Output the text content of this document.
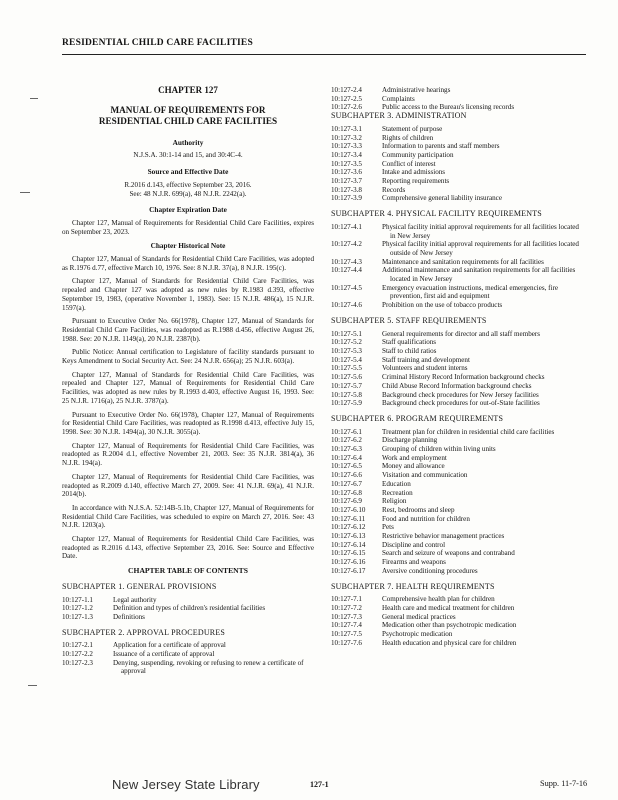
RESIDENTIAL CHILD CARE FACILITIES
CHAPTER 127
MANUAL OF REQUIREMENTS FOR
RESIDENTIAL CHILD CARE FACILITIES
Authority
N.J.S.A. 30:1-14 and 15, and 30:4C-4.
Source and Effective Date
R.2016 d.143, effective September 23, 2016.
See: 48 N.J.R. 699(a), 48 N.J.R. 2242(a).
Chapter Expiration Date

Chapter 127, Manual of Requirements for Residential Child Care Facilities, expires on September 23, 2023.

Chapter Historical Note

Chapter 127, Manual of Standards for Residential Child Care Facilities, was adopted as R.1976 d.77, effective March 10, 1976. See: 8 N.J.R. 37(a), 8 N.J.R. 195(c).

Chapter 127, Manual of Standards for Residential Child Care Facilities, was repealed and Chapter 127 was adopted as new rules by R.1983 d.393, effective September 19, 1983, (operative November 1, 1983). See: 15 N.J.R. 486(a), 15 N.J.R. 1597(a).

Pursuant to Executive Order No. 66(1978), Chapter 127, Manual of Standards for Residential Child Care Facilities, was readopted as R.1988 d.456, effective August 26, 1988. See: 20 N.J.R. 1149(a), 20 N.J.R. 2387(b).

Public Notice: Annual certification to Legislature of facility standards pursuant to Keys Amendment to Social Security Act. See: 24 N.J.R. 656(a); 25 N.J.R. 603(a).

Chapter 127, Manual of Standards for Residential Child Care Facilities, was repealed and Chapter 127, Manual of Requirements for Residential Child Care Facilities, was adopted as new rules by R.1993 d.403, effective August 16, 1993. See: 25 N.J.R. 1716(a), 25 N.J.R. 3787(a).

Pursuant to Executive Order No. 66(1978), Chapter 127, Manual of Requirements for Residential Child Care Facilities, was readopted as R.1998 d.413, effective July 15, 1998. See: 30 N.J.R. 1494(a), 30 N.J.R. 3055(a).

Chapter 127, Manual of Requirements for Residential Child Care Facilities, was readopted as R.2004 d.1, effective November 21, 2003. See: 35 N.J.R. 3814(a), 36 N.J.R. 194(a).

Chapter 127, Manual of Requirements for Residential Child Care Facilities, was readopted as R.2009 d.140, effective March 27, 2009. See: 41 N.J.R. 69(a), 41 N.J.R. 2014(b).

In accordance with N.J.S.A. 52:14B-5.1b, Chapter 127, Manual of Requirements for Residential Child Care Facilities, was scheduled to expire on March 27, 2016. See: 43 N.J.R. 1203(a).

Chapter 127, Manual of Requirements for Residential Child Care Facilities, was readopted as R.2016 d.143, effective September 23, 2016. See: Source and Effective Date.

CHAPTER TABLE OF CONTENTS
SUBCHAPTER 1. GENERAL PROVISIONS
10:127-1.1	Legal authority
10:127-1.2	Definition and types of children's residential facilities
10:127-1.3	Definitions
SUBCHAPTER 2. APPROVAL PROCEDURES
10:127-2.1	Application for a certificate of approval
10:127-2.2	Issuance of a certificate of approval
10:127-2.3	Denying, suspending, revoking or refusing to renew a certificate of approval
10:127-2.4	Administrative hearings
10:127-2.5	Complaints
10:127-2.6	Public access to the Bureau's licensing records
SUBCHAPTER 3. ADMINISTRATION
10:127-3.1	Statement of purpose
10:127-3.2	Rights of children
10:127-3.3	Information to parents and staff members
10:127-3.4	Community participation
10:127-3.5	Conflict of interest
10:127-3.6	Intake and admissions
10:127-3.7	Reporting requirements
10:127-3.8	Records
10:127-3.9	Comprehensive general liability insurance
SUBCHAPTER 4. PHYSICAL FACILITY REQUIREMENTS
10:127-4.1	Physical facility initial approval requirements for all facilities located in New Jersey
10:127-4.2	Physical facility initial approval requirements for all facilities located outside of New Jersey
10:127-4.3	Maintenance and sanitation requirements for all facilities
10:127-4.4	Additional maintenance and sanitation requirements for all facilities located in New Jersey
10:127-4.5	Emergency evacuation instructions, medical emergencies, fire prevention, first aid and equipment
10:127-4.6	Prohibition on the use of tobacco products
SUBCHAPTER 5. STAFF REQUIREMENTS
10:127-5.1	General requirements for director and all staff members
10:127-5.2	Staff qualifications
10:127-5.3	Staff to child ratios
10:127-5.4	Staff training and development
10:127-5.5	Volunteers and student interns
10:127-5.6	Criminal History Record Information background checks
10:127-5.7	Child Abuse Record Information background checks
10:127-5.8	Background check procedures for New Jersey facilities
10:127-5.9	Background check procedures for out-of-State facilities
SUBCHAPTER 6. PROGRAM REQUIREMENTS
10:127-6.1	Treatment plan for children in residential child care facilities
10:127-6.2	Discharge planning
10:127-6.3	Grouping of children within living units
10:127-6.4	Work and employment
10:127-6.5	Money and allowance
10:127-6.6	Visitation and communication
10:127-6.7	Education
10:127-6.8	Recreation
10:127-6.9	Religion
10:127-6.10	Rest, bedrooms and sleep
10:127-6.11	Food and nutrition for children
10:127-6.12	Pets
10:127-6.13	Restrictive behavior management practices
10:127-6.14	Discipline and control
10:127-6.15	Search and seizure of weapons and contraband
10:127-6.16	Firearms and weapons
10:127-6.17	Aversive conditioning procedures
SUBCHAPTER 7. HEALTH REQUIREMENTS
10:127-7.1	Comprehensive health plan for children
10:127-7.2	Health care and medical treatment for children
10:127-7.3	General medical practices
10:127-7.4	Medication other than psychotropic medication
10:127-7.5	Psychotropic medication
10:127-7.6	Health education and physical care for children
New Jersey State Library	127-1	Supp. 11-7-16
